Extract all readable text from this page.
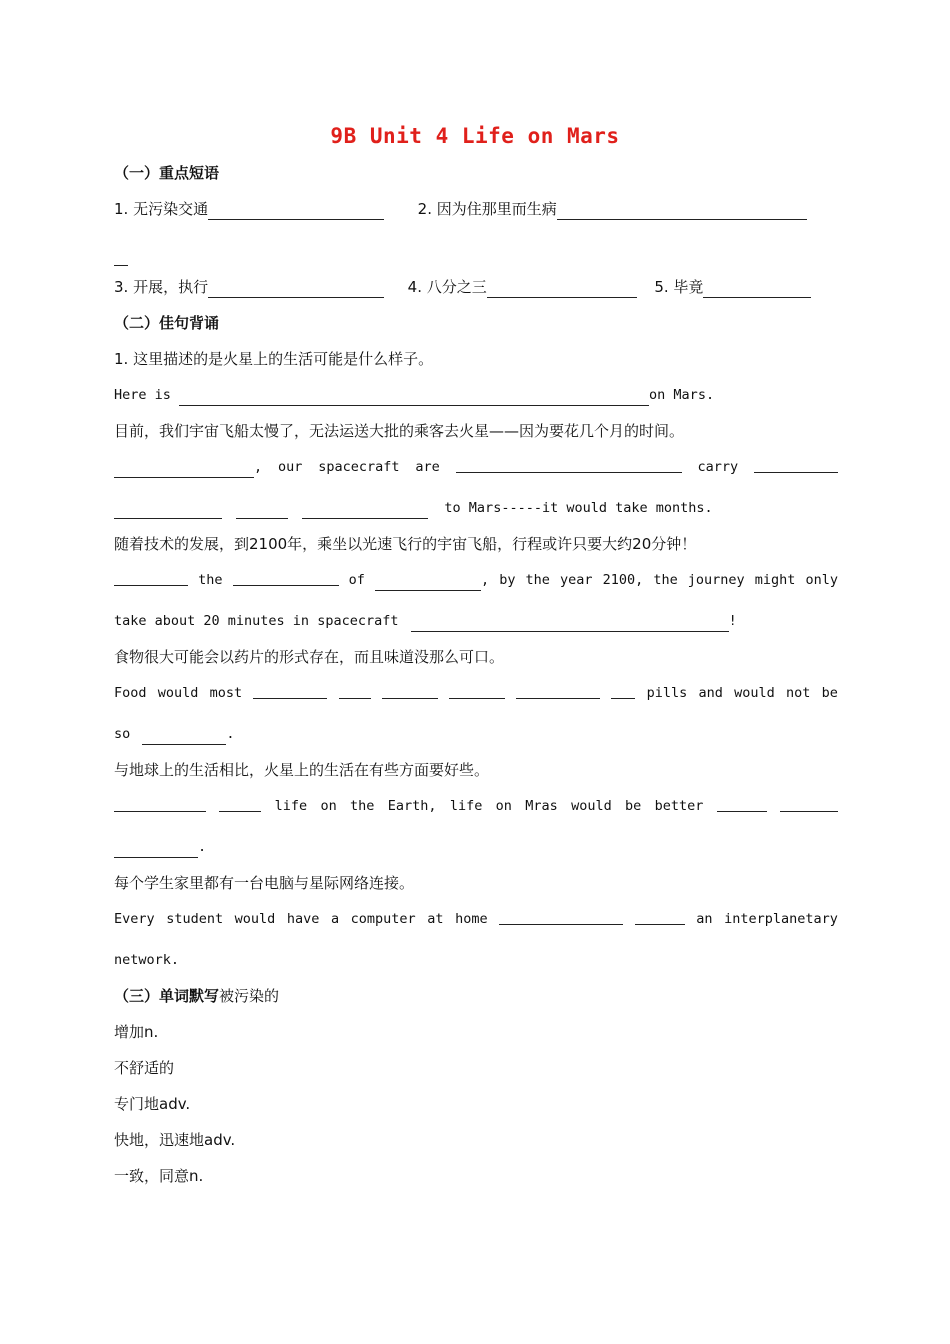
9B Unit 4 Life on Mars
（一）重点短语
1. 无污染交通	2. 因为住那里而生病
3. 开展，执行	4. 八分之三	5. 毕竟
（二）佳句背诵
1. 这里描述的是火星上的生活可能是什么样子。
Here is	on Mars.
目前，我们宇宙飞船太慢了，无法运送大批的乘客去火星——因为要花几个月的时间。
, our spacecraft are	carry
to Mars-----it would take months.
随着技术的发展，到2100年，乘坐以光速飞行的宇宙飞船，行程或许只要大约20分钟！
the	of	, by the year 2100, the journey might only
take about 20 minutes in spacecraft	!
食物很大可能会以药片的形式存在，而且味道没那么可口。
Food would most	pills and would not be
so	.
与地球上的生活相比，火星上的生活在有些方面要好些。
life on the Earth, life on Mras would be better
.
每个学生家里都有一台电脑与星际网络连接。
Every student would have a computer at home	an interplanetary
network.
（三）单词默写被污染的
增加n.
不舒适的
专门地adv.
快地，迅速地adv.
一致，同意n.
